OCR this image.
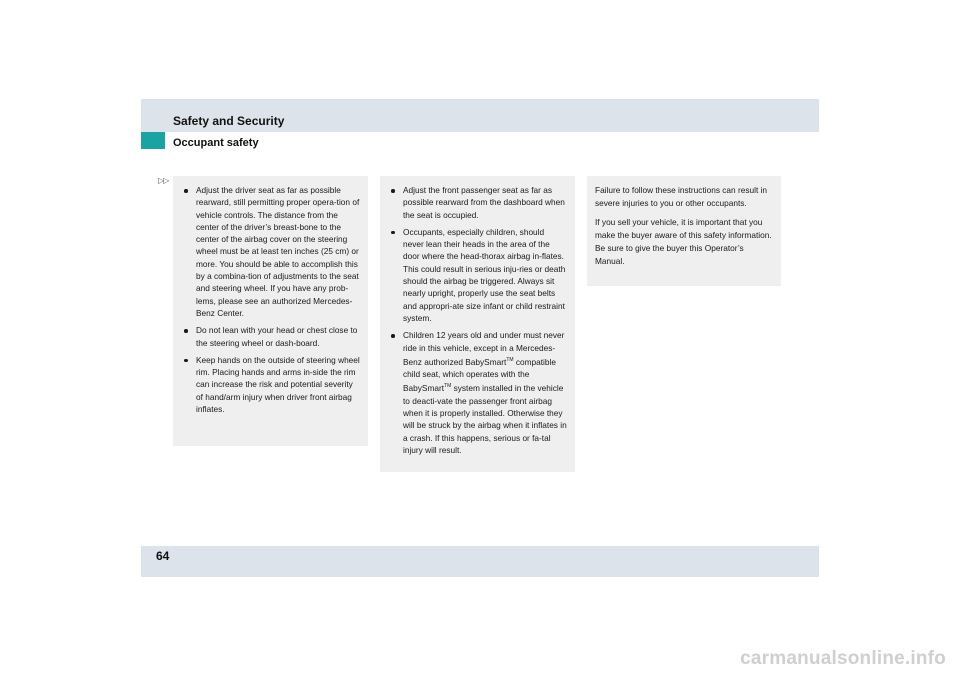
Safety and Security
Occupant safety
▷▷
Adjust the driver seat as far as possible rearward, still permitting proper opera-tion of vehicle controls. The distance from the center of the driver’s breast-bone to the center of the airbag cover on the steering wheel must be at least ten inches (25 cm) or more. You should be able to accomplish this by a combina-tion of adjustments to the seat and steering wheel. If you have any prob-lems, please see an authorized Mercedes-Benz Center.
Do not lean with your head or chest close to the steering wheel or dash-board.
Keep hands on the outside of steering wheel rim. Placing hands and arms in-side the rim can increase the risk and potential severity of hand/arm injury when driver front airbag inflates.
Adjust the front passenger seat as far as possible rearward from the dashboard when the seat is occupied.
Occupants, especially children, should never lean their heads in the area of the door where the head-thorax airbag in-flates. This could result in serious inju-ries or death should the airbag be triggered. Always sit nearly upright, properly use the seat belts and appropri-ate size infant or child restraint system.
Children 12 years old and under must never ride in this vehicle, except in a Mercedes-Benz authorized BabySmart™ compatible child seat, which operates with the BabySmart™ system installed in the vehicle to deacti-vate the passenger front airbag when it is properly installed. Otherwise they will be struck by the airbag when it inflates in a crash. If this happens, serious or fa-tal injury will result.

Failure to follow these instructions can result in severe injuries to you or other occupants.

If you sell your vehicle, it is important that you make the buyer aware of this safety information. Be sure to give the buyer this Operator’s Manual.

64
carmanualsonline.info
